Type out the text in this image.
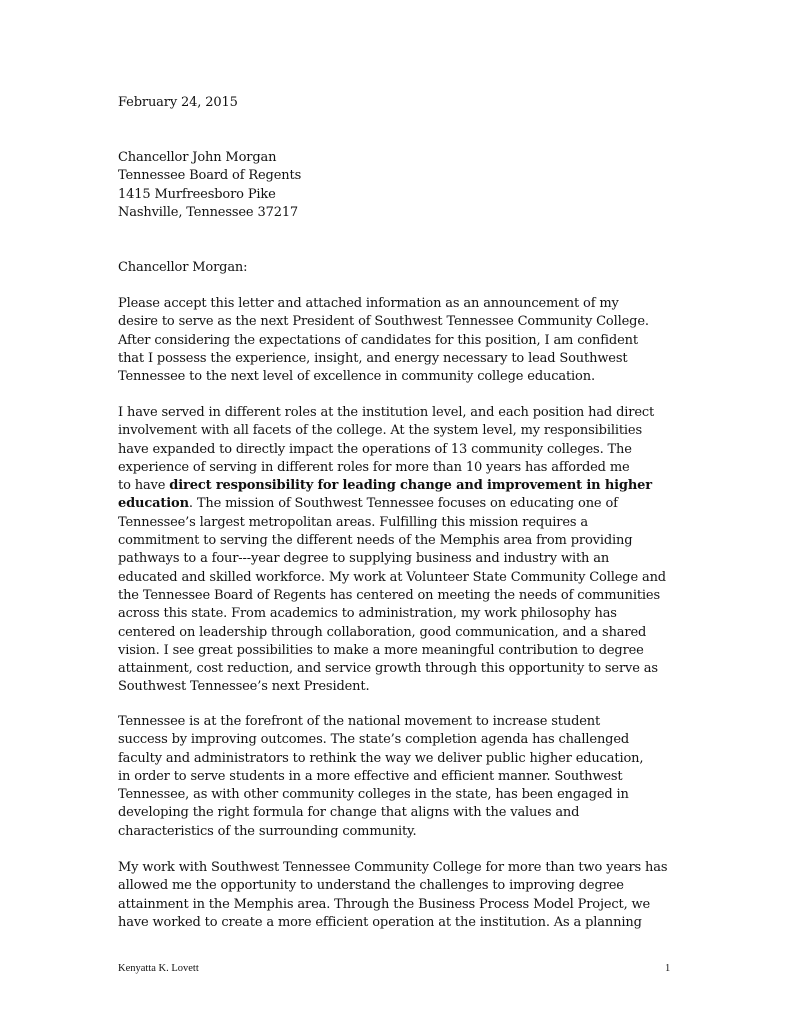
February 24, 2015
Chancellor John Morgan
Tennessee Board of Regents
1415 Murfreesboro Pike
Nashville, Tennessee 37217
Chancellor Morgan:
Please accept this letter and attached information as an announcement of my
desire to serve as the next President of Southwest Tennessee Community College.
After considering the expectations of candidates for this position, I am confident
that I possess the experience, insight, and energy necessary to lead Southwest
Tennessee to the next level of excellence in community college education.
I have served in different roles at the institution level, and each position had direct
involvement with all facets of the college. At the system level, my responsibilities
have expanded to directly impact the operations of 13 community colleges. The
experience of serving in different roles for more than 10 years has afforded me
to have direct responsibility for leading change and improvement in higher
education. The mission of Southwest Tennessee focuses on educating one of
Tennessee’s largest metropolitan areas. Fulfilling this mission requires a
commitment to serving the different needs of the Memphis area from providing
pathways to a four---year degree to supplying business and industry with an
educated and skilled workforce. My work at Volunteer State Community College and
the Tennessee Board of Regents has centered on meeting the needs of communities
across this state. From academics to administration, my work philosophy has
centered on leadership through collaboration, good communication, and a shared
vision. I see great possibilities to make a more meaningful contribution to degree
attainment, cost reduction, and service growth through this opportunity to serve as
Southwest Tennessee’s next President.
Tennessee is at the forefront of the national movement to increase student
success by improving outcomes. The state’s completion agenda has challenged
faculty and administrators to rethink the way we deliver public higher education,
in order to serve students in a more effective and efficient manner. Southwest
Tennessee, as with other community colleges in the state, has been engaged in
developing the right formula for change that aligns with the values and
characteristics of the surrounding community.
My work with Southwest Tennessee Community College for more than two years has
allowed me the opportunity to understand the challenges to improving degree
attainment in the Memphis area. Through the Business Process Model Project, we
have worked to create a more efficient operation at the institution. As a planning
Kenyatta K. Lovett	1
